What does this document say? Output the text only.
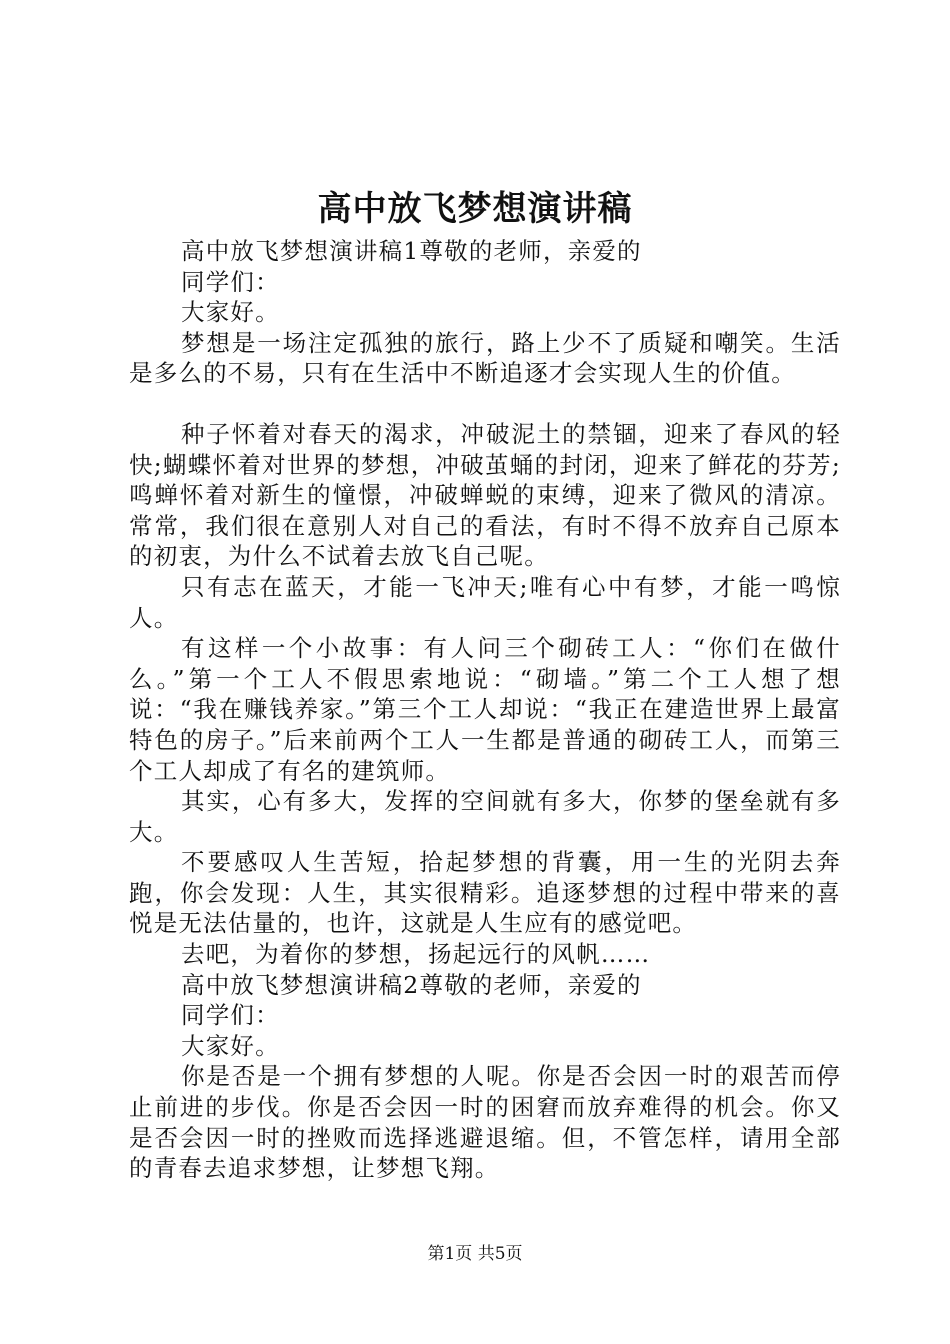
高中放飞梦想演讲稿

高中放飞梦想演讲稿1尊敬的老师，亲爱的

同学们：

大家好。

梦想是一场注定孤独的旅行，路上少不了质疑和嘲笑。生活是多么的不易，只有在生活中不断追逐才会实现人生的价值。

种子怀着对春天的渴求，冲破泥土的禁锢，迎来了春风的轻快;蝴蝶怀着对世界的梦想，冲破茧蛹的封闭，迎来了鲜花的芬芳;鸣蝉怀着对新生的憧憬，冲破蝉蜕的束缚，迎来了微风的清凉。常常，我们很在意别人对自己的看法，有时不得不放弃自己原本的初衷，为什么不试着去放飞自己呢。

只有志在蓝天，才能一飞冲天;唯有心中有梦，才能一鸣惊人。

有这样一个小故事：有人问三个砌砖工人：“你们在做什么。”第一个工人不假思索地说：“砌墙。”第二个工人想了想说：“我在赚钱养家。”第三个工人却说：“我正在建造世界上最富特色的房子。”后来前两个工人一生都是普通的砌砖工人，而第三个工人却成了有名的建筑师。

其实，心有多大，发挥的空间就有多大，你梦的堡垒就有多大。

不要感叹人生苦短，拾起梦想的背囊，用一生的光阴去奔跑，你会发现：人生，其实很精彩。追逐梦想的过程中带来的喜悦是无法估量的，也许，这就是人生应有的感觉吧。

去吧，为着你的梦想，扬起远行的风帆……

高中放飞梦想演讲稿2尊敬的老师，亲爱的

同学们：

大家好。

你是否是一个拥有梦想的人呢。你是否会因一时的艰苦而停止前进的步伐。你是否会因一时的困窘而放弃难得的机会。你又是否会因一时的挫败而选择逃避退缩。但，不管怎样，请用全部的青春去追求梦想，让梦想飞翔。

第1页 共5页
